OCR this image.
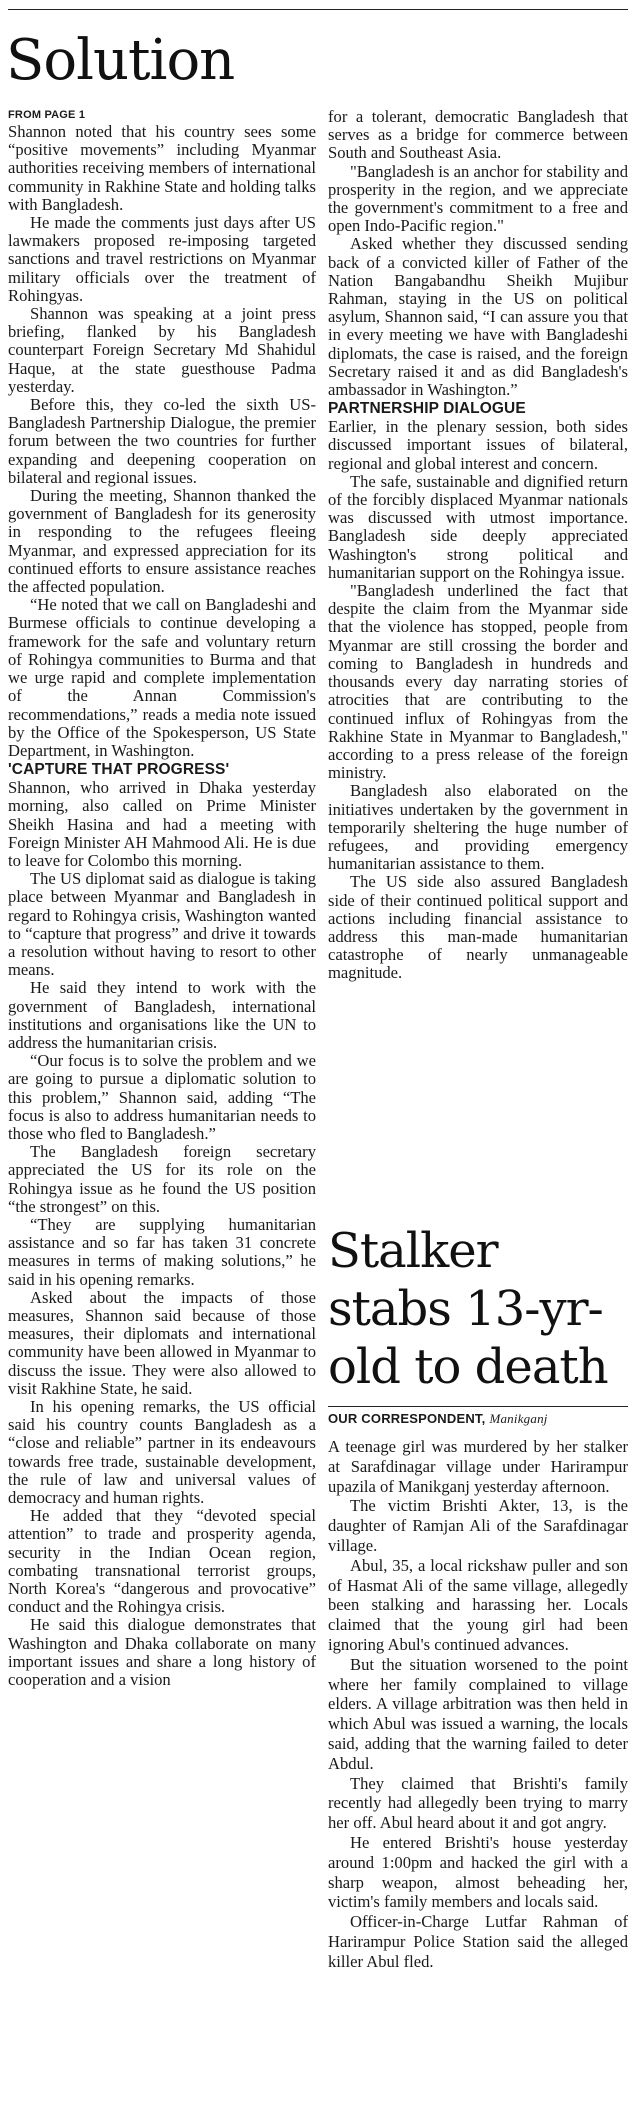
Solution
FROM PAGE 1

Shannon noted that his country sees some “positive movements” including Myanmar authorities receiving members of international community in Rakhine State and holding talks with Bangladesh.

He made the comments just days after US lawmakers proposed re-imposing targeted sanctions and travel restrictions on Myanmar military officials over the treatment of Rohingyas.

Shannon was speaking at a joint press briefing, flanked by his Bangladesh counterpart Foreign Secretary Md Shahidul Haque, at the state guesthouse Padma yesterday.

Before this, they co-led the sixth US-Bangladesh Partnership Dialogue, the premier forum between the two countries for further expanding and deepening cooperation on bilateral and regional issues.

During the meeting, Shannon thanked the government of Bangladesh for its generosity in responding to the refugees fleeing Myanmar, and expressed appreciation for its continued efforts to ensure assistance reaches the affected population.

“He noted that we call on Bangladeshi and Burmese officials to continue developing a framework for the safe and voluntary return of Rohingya communities to Burma and that we urge rapid and complete implementation of the Annan Commission's recommendations,” reads a media note issued by the Office of the Spokesperson, US State Department, in Washington.

'CAPTURE THAT PROGRESS'

Shannon, who arrived in Dhaka yesterday morning, also called on Prime Minister Sheikh Hasina and had a meeting with Foreign Minister AH Mahmood Ali. He is due to leave for Colombo this morning.

The US diplomat said as dialogue is taking place between Myanmar and Bangladesh in regard to Rohingya crisis, Washington wanted to “capture that progress” and drive it towards a resolution without having to resort to other means.

He said they intend to work with the government of Bangladesh, international institutions and organisations like the UN to address the humanitarian crisis.

“Our focus is to solve the problem and we are going to pursue a diplomatic solution to this problem,” Shannon said, adding “The focus is also to address humanitarian needs to those who fled to Bangladesh.”

The Bangladesh foreign secretary appreciated the US for its role on the Rohingya issue as he found the US position “the strongest” on this.

“They are supplying humanitarian assistance and so far has taken 31 concrete measures in terms of making solutions,” he said in his opening remarks.

Asked about the impacts of those measures, Shannon said because of those measures, their diplomats and international community have been allowed in Myanmar to discuss the issue. They were also allowed to visit Rakhine State, he said.

In his opening remarks, the US official said his country counts Bangladesh as a “close and reliable” partner in its endeavours towards free trade, sustainable development, the rule of law and universal values of democracy and human rights.

He added that they “devoted special attention” to trade and prosperity agenda, security in the Indian Ocean region, combating transnational terrorist groups, North Korea's “dangerous and provocative” conduct and the Rohingya crisis.

He said this dialogue demonstrates that Washington and Dhaka collaborate on many important issues and share a long history of cooperation and a vision

for a tolerant, democratic Bangladesh that serves as a bridge for commerce between South and Southeast Asia.

"Bangladesh is an anchor for stability and prosperity in the region, and we appreciate the government's commitment to a free and open Indo-Pacific region."

Asked whether they discussed sending back of a convicted killer of Father of the Nation Bangabandhu Sheikh Mujibur Rahman, staying in the US on political asylum, Shannon said, “I can assure you that in every meeting we have with Bangladeshi diplomats, the case is raised, and the foreign Secretary raised it and as did Bangladesh's ambassador in Washington.”

PARTNERSHIP DIALOGUE

Earlier, in the plenary session, both sides discussed important issues of bilateral, regional and global interest and concern.

The safe, sustainable and dignified return of the forcibly displaced Myanmar nationals was discussed with utmost importance. Bangladesh side deeply appreciated Washington's strong political and humanitarian support on the Rohingya issue.

"Bangladesh underlined the fact that despite the claim from the Myanmar side that the violence has stopped, people from Myanmar are still crossing the border and coming to Bangladesh in hundreds and thousands every day narrating stories of atrocities that are contributing to the continued influx of Rohingyas from the Rakhine State in Myanmar to Bangladesh," according to a press release of the foreign ministry.

Bangladesh also elaborated on the initiatives undertaken by the government in temporarily sheltering the huge number of refugees, and providing emergency humanitarian assistance to them.

The US side also assured Bangladesh side of their continued political support and actions including financial assistance to address this man-made humanitarian catastrophe of nearly unmanageable magnitude.

Stalker stabs 13-yr-old to death
OUR CORRESPONDENT, Manikganj

A teenage girl was murdered by her stalker at Sarafdinagar village under Harirampur upazila of Manikganj yesterday afternoon.

The victim Brishti Akter, 13, is the daughter of Ramjan Ali of the Sarafdinagar village.

Abul, 35, a local rickshaw puller and son of Hasmat Ali of the same village, allegedly been stalking and harassing her. Locals claimed that the young girl had been ignoring Abul's continued advances.

But the situation worsened to the point where her family complained to village elders. A village arbitration was then held in which Abul was issued a warning, the locals said, adding that the warning failed to deter Abdul.

They claimed that Brishti's family recently had allegedly been trying to marry her off. Abul heard about it and got angry.

He entered Brishti's house yesterday around 1:00pm and hacked the girl with a sharp weapon, almost beheading her, victim's family members and locals said.

Officer-in-Charge Lutfar Rahman of Harirampur Police Station said the alleged killer Abul fled.
